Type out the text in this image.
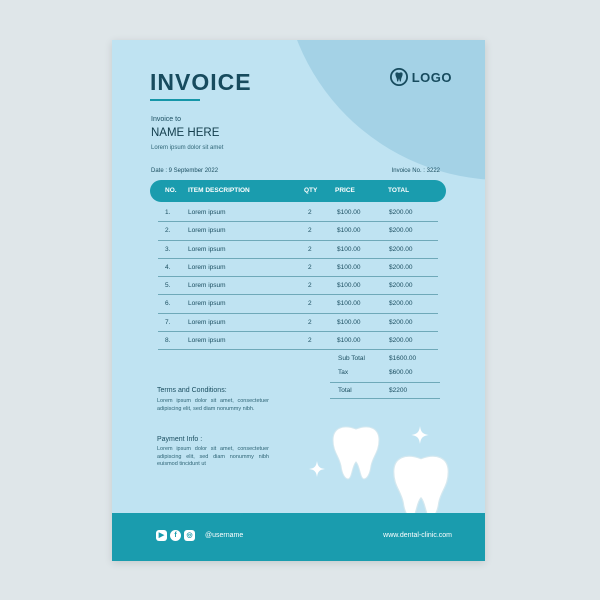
LOGO
INVOICE
Invoice to
NAME HERE
Lorem ipsum dolor sit amet
Date : 9 September 2022	Invoice No. : 3222
NO. ITEM DESCRIPTION	QTY	PRICE	TOTAL
1.	Lorem ipsum	2	$100.00	$200.00
2.	Lorem ipsum	2	$100.00	$200.00
3.	Lorem ipsum	2	$100.00	$200.00
4.	Lorem ipsum	2	$100.00	$200.00
5.	Lorem ipsum	2	$100.00	$200.00
6.	Lorem ipsum	2	$100.00	$200.00
7.	Lorem ipsum	2	$100.00	$200.00
8.	Lorem ipsum	2	$100.00	$200.00
Sub Total	$1600.00
Tax	$600.00
Total	$2200
Terms and Conditions:
Lorem ipsum dolor sit amet, consectetuer adipiscing elit, sed diam nonummy nibh.
Payment Info :
Lorem ipsum dolor sit amet, consectetuer adipiscing elit, sed diam nonummy nibh euismod tincidunt ut
▶	f	◎	@username	www.dental-clinic.com
